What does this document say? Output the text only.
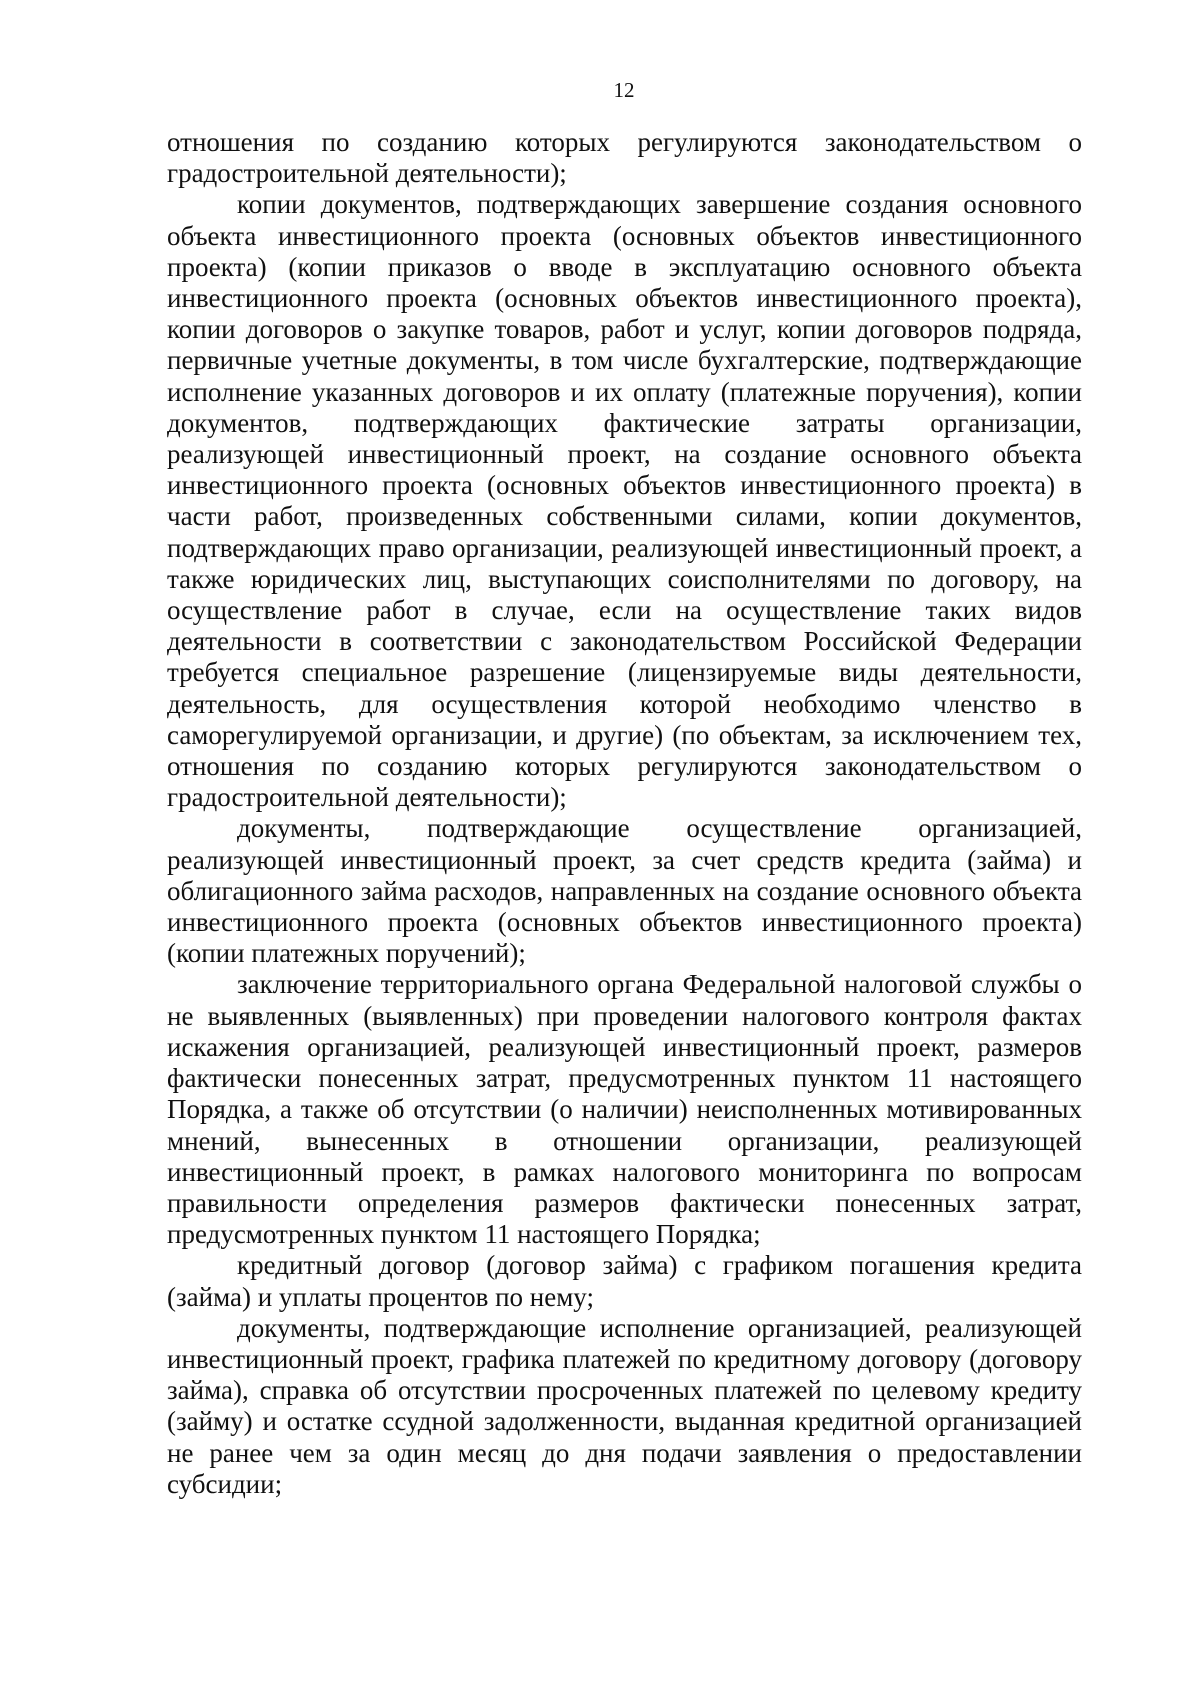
12

отношения по созданию которых регулируются законодательством о градостроительной деятельности);

копии документов, подтверждающих завершение создания основного объекта инвестиционного проекта (основных объектов инвестиционного проекта) (копии приказов о вводе в эксплуатацию основного объекта инвестиционного проекта (основных объектов инвестиционного проекта), копии договоров о закупке товаров, работ и услуг, копии договоров подряда, первичные учетные документы, в том числе бухгалтерские, подтверждающие исполнение указанных договоров и их оплату (платежные поручения), копии документов, подтверждающих фактические затраты организации, реализующей инвестиционный проект, на создание основного объекта инвестиционного проекта (основных объектов инвестиционного проекта) в части работ, произведенных собственными силами, копии документов, подтверждающих право организации, реализующей инвестиционный проект, а также юридических лиц, выступающих соисполнителями по договору, на осуществление работ в случае, если на осуществление таких видов деятельности в соответствии с законодательством Российской Федерации требуется специальное разрешение (лицензируемые виды деятельности, деятельность, для осуществления которой необходимо членство в саморегулируемой организации, и другие) (по объектам, за исключением тех, отношения по созданию которых регулируются законодательством о градостроительной деятельности);

документы, подтверждающие осуществление организацией, реализующей инвестиционный проект, за счет средств кредита (займа) и облигационного займа расходов, направленных на создание основного объекта инвестиционного проекта (основных объектов инвестиционного проекта) (копии платежных поручений);

заключение территориального органа Федеральной налоговой службы о не выявленных (выявленных) при проведении налогового контроля фактах искажения организацией, реализующей инвестиционный проект, размеров фактически понесенных затрат, предусмотренных пунктом 11 настоящего Порядка, а также об отсутствии (о наличии) неисполненных мотивированных мнений, вынесенных в отношении организации, реализующей инвестиционный проект, в рамках налогового мониторинга по вопросам правильности определения размеров фактически понесенных затрат, предусмотренных пунктом 11 настоящего Порядка;

кредитный договор (договор займа) с графиком погашения кредита (займа) и уплаты процентов по нему;

документы, подтверждающие исполнение организацией, реализующей инвестиционный проект, графика платежей по кредитному договору (договору займа), справка об отсутствии просроченных платежей по целевому кредиту (займу) и остатке ссудной задолженности, выданная кредитной организацией не ранее чем за один месяц до дня подачи заявления о предоставлении субсидии;
